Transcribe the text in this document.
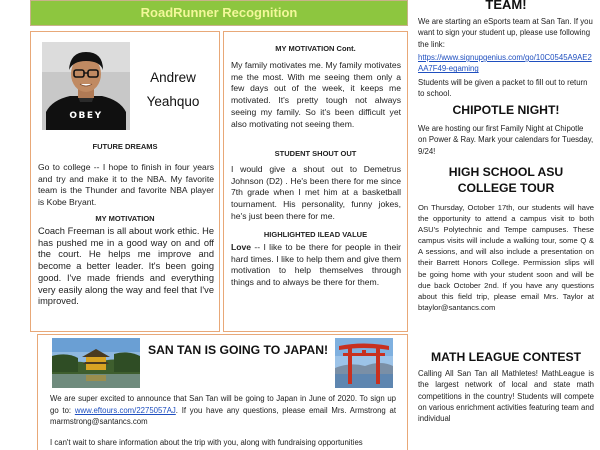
RoadRunner Recognition
OBEY
Andrew
Yeahquo
FUTURE DREAMS
Go to college -- I hope to finish in four years and try and make it to the NBA. My favorite team is the Thunder and favorite NBA player is Kobe Bryant.
MY MOTIVATION
Coach Freeman is all about work ethic. He has pushed me in a good way on and off the court. He helps me improve and become a better leader. It's been going good. I've made friends and everything very easily along the way and feel that I've improved.
MY MOTIVATION Cont.
My family motivates me. My family motivates me the most. With me seeing them only a few days out of the week, it keeps me motivated. It's pretty tough not always seeing my family. So it's been difficult yet also motivating not seeing them.
STUDENT SHOUT OUT
I would give a shout out to Demetrus Johnson (D2) . He's been there for me since 7th grade when I met him at a basketball tournament. His personality, funny jokes, he's just been there for me.
HIGHLIGHTED ILEAD VALUE
Love -- I like to be there for people in their hard times. I like to help them and give them motivation to help themselves through things and to always be there for them.
SAN TAN IS GOING TO JAPAN!
We are super excited to announce that San Tan will be going to Japan in June of 2020. To sign up go to: www.eftours.com/2275057AJ. If you have any questions, please email Mrs. Armstrong at marmstrong@santancs.com
I can't wait to share information about the trip with you, along with fundraising opportunities
TEAM!
We are starting an eSports team at San Tan. If you want to sign your student up, please use following the link:
https://www.signupgenius.com/go/10C0545A9AE2AA7F49-egaming
Students will be given a packet to fill out to return to school.
CHIPOTLE NIGHT!
We are hosting our first Family Night at Chipotle on Power & Ray. Mark your calendars for Tuesday, 9/24!
HIGH SCHOOL ASU
COLLEGE TOUR
On Thursday, October 17th, our students will have the opportunity to attend a campus visit to both ASU's Polytechnic and Tempe campuses. These campus visits will include a walking tour, some Q & A sessions, and will also include a presentation on their Barrett Honors College. Permission slips will be going home with your student soon and will be due back October 2nd. If you have any questions about this field trip, please email Mrs. Taylor at btaylor@santancs.com
MATH LEAGUE CONTEST
Calling All San Tan all Mathletes! MathLeague is the largest network of local and state math competitions in the country! Students will compete on various enrichment activities featuring team and individual
